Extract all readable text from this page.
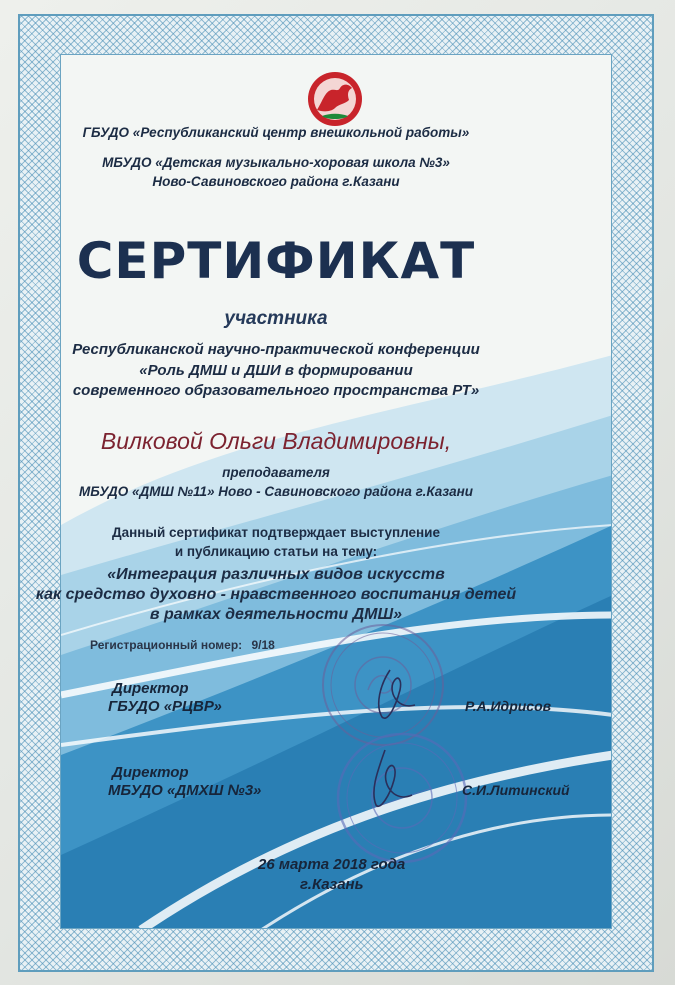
ГБУДО «Республиканский центр внешкольной работы»
МБУДО «Детская музыкально-хоровая школа №3»
Ново-Савиновского района г.Казани
СЕРТИФИКАТ
участника
Республиканской научно-практической конференции
«Роль ДМШ и ДШИ в формировании
современного образовательного пространства РТ»
Вилковой Ольги Владимировны,
преподавателя
МБУДО «ДМШ №11» Ново - Савиновского района г.Казани
Данный сертификат подтверждает выступление
и публикацию статьи на тему:
«Интеграция различных видов искусств
как средство духовно - нравственного воспитания детей
в рамках деятельности ДМШ»
Регистрационный номер: 9/18
Директор
ГБУДО «РЦВР»	Р.А.Идрисов
Директор
МБУДО «ДМХШ №3»	С.И.Литинский
26 марта 2018 года
г.Казань
